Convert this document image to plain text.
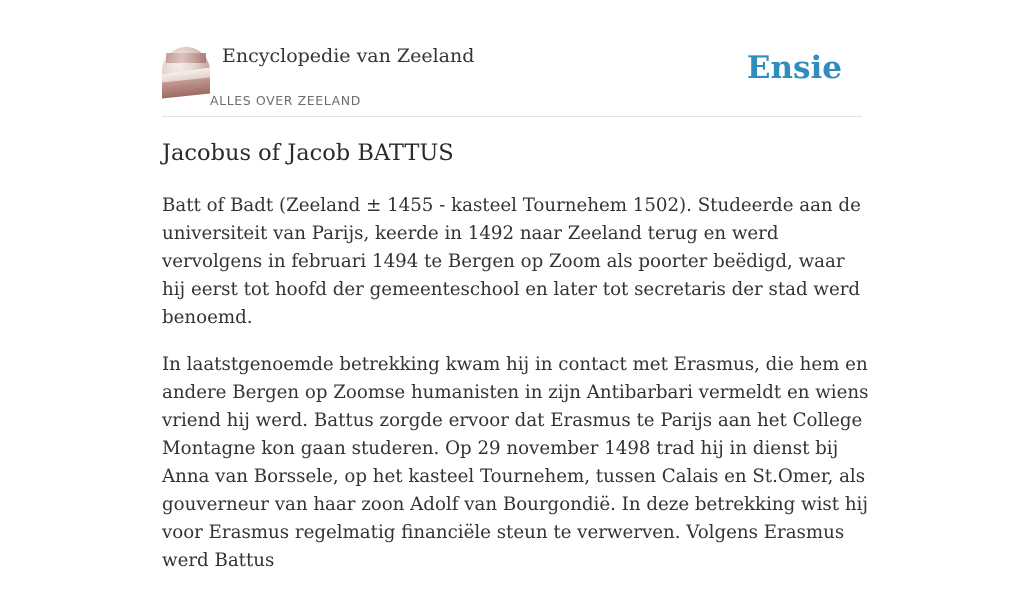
Encyclopedie van Zeeland
ALLES OVER ZEELAND
Ensie
Jacobus of Jacob BATTUS

Batt of Badt (Zeeland ± 1455 - kasteel Tournehem 1502). Studeerde aan de universiteit van Parijs, keerde in 1492 naar Zeeland terug en werd vervolgens in februari 1494 te Bergen op Zoom als poorter beëdigd, waar hij eerst tot hoofd der gemeenteschool en later tot secretaris der stad werd benoemd.

In laatstgenoemde betrekking kwam hij in contact met Erasmus, die hem en andere Bergen op Zoomse humanisten in zijn Antibarbari vermeldt en wiens vriend hij werd. Battus zorgde ervoor dat Erasmus te Parijs aan het College Montagne kon gaan studeren. Op 29 november 1498 trad hij in dienst bij Anna van Borssele, op het kasteel Tournehem, tussen Calais en St.Omer, als gouverneur van haar zoon Adolf van Bourgondië. In deze betrekking wist hij voor Erasmus regelmatig financiële steun te verwerven. Volgens Erasmus werd Battus
